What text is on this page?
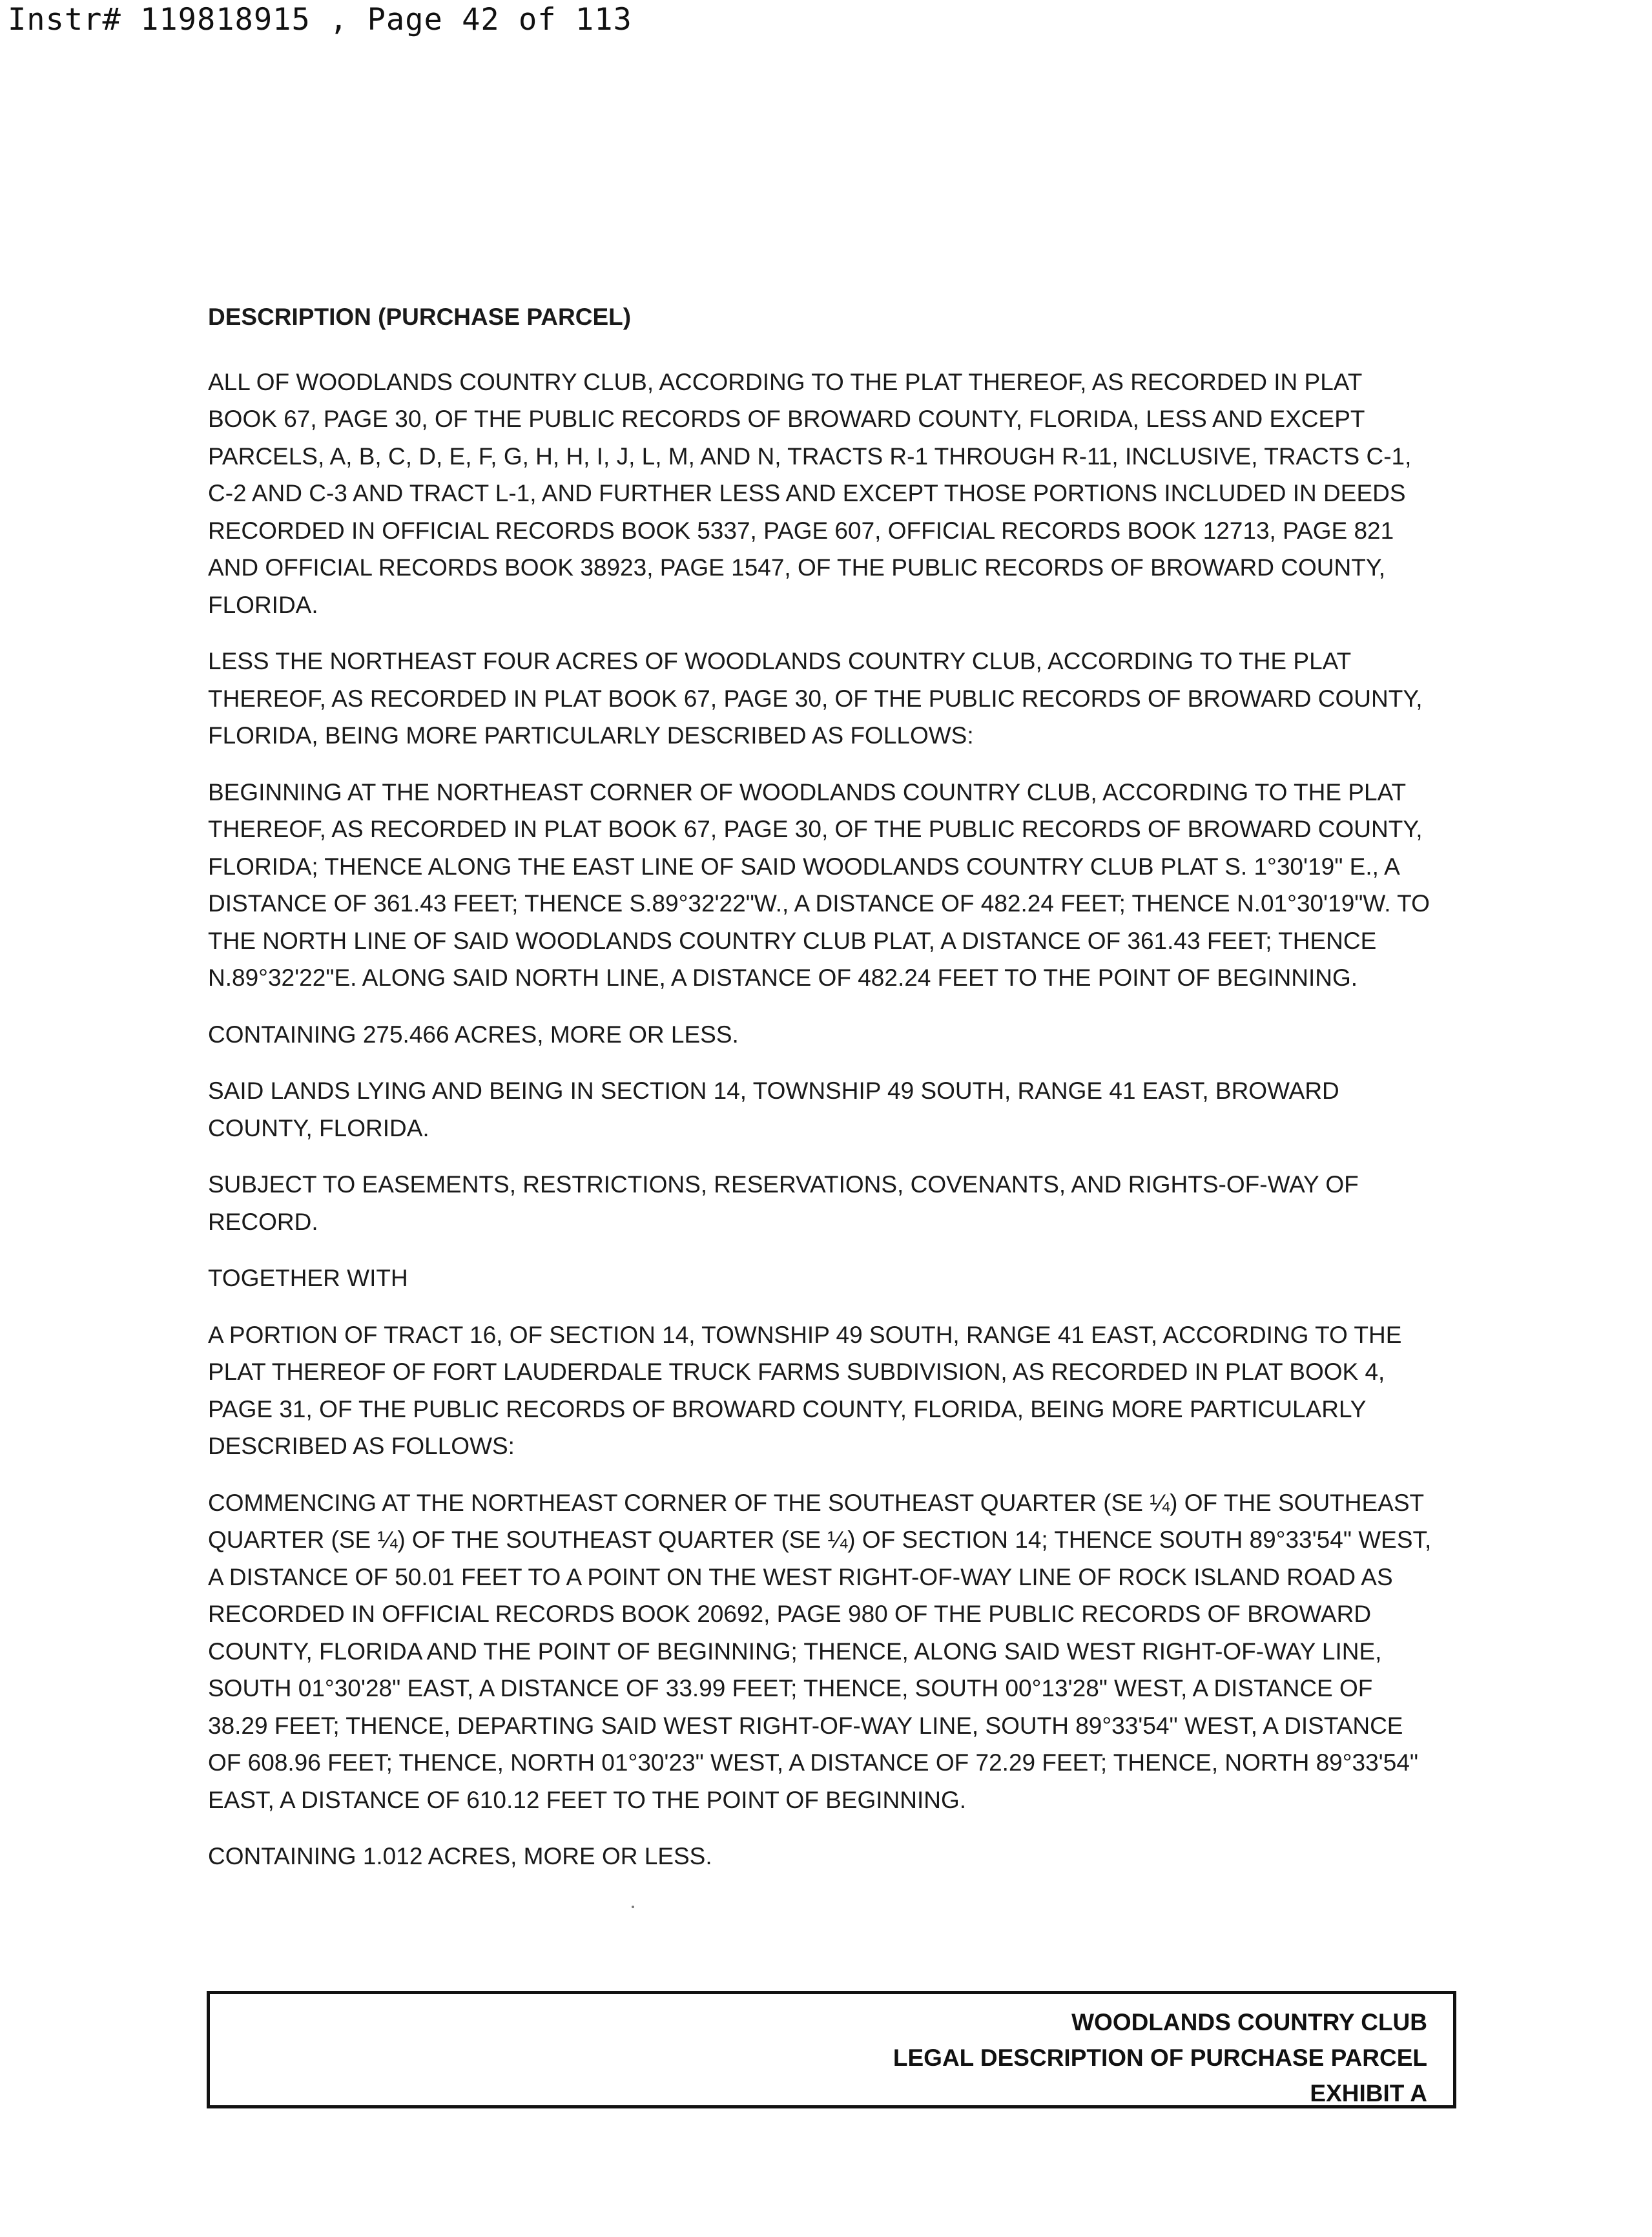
Instr# 119818915 , Page 42 of 113
DESCRIPTION (PURCHASE PARCEL)
ALL OF WOODLANDS COUNTRY CLUB, ACCORDING TO THE PLAT THEREOF, AS RECORDED IN PLAT BOOK 67, PAGE 30, OF THE PUBLIC RECORDS OF BROWARD COUNTY, FLORIDA, LESS AND EXCEPT PARCELS, A, B, C, D, E, F, G, H, H, I, J, L, M, AND N, TRACTS R-1 THROUGH R-11, INCLUSIVE, TRACTS C-1, C-2 AND C-3 AND TRACT L-1, AND FURTHER LESS AND EXCEPT THOSE PORTIONS INCLUDED IN DEEDS RECORDED IN OFFICIAL RECORDS BOOK 5337, PAGE 607, OFFICIAL RECORDS BOOK 12713, PAGE 821 AND OFFICIAL RECORDS BOOK 38923, PAGE 1547, OF THE PUBLIC RECORDS OF BROWARD COUNTY, FLORIDA.
LESS THE NORTHEAST FOUR ACRES OF WOODLANDS COUNTRY CLUB, ACCORDING TO THE PLAT THEREOF, AS RECORDED IN PLAT BOOK 67, PAGE 30, OF THE PUBLIC RECORDS OF BROWARD COUNTY, FLORIDA, BEING MORE PARTICULARLY DESCRIBED AS FOLLOWS:
BEGINNING AT THE NORTHEAST CORNER OF WOODLANDS COUNTRY CLUB, ACCORDING TO THE PLAT THEREOF, AS RECORDED IN PLAT BOOK 67, PAGE 30, OF THE PUBLIC RECORDS OF BROWARD COUNTY, FLORIDA; THENCE ALONG THE EAST LINE OF SAID WOODLANDS COUNTRY CLUB PLAT S. 1°30'19" E., A DISTANCE OF 361.43 FEET; THENCE S.89°32'22"W., A DISTANCE OF 482.24 FEET; THENCE N.01°30'19"W. TO THE NORTH LINE OF SAID WOODLANDS COUNTRY CLUB PLAT, A DISTANCE OF 361.43 FEET; THENCE N.89°32'22"E. ALONG SAID NORTH LINE, A DISTANCE OF 482.24 FEET TO THE POINT OF BEGINNING.
CONTAINING 275.466 ACRES, MORE OR LESS.
SAID LANDS LYING AND BEING IN SECTION 14, TOWNSHIP 49 SOUTH, RANGE 41 EAST, BROWARD COUNTY, FLORIDA.
SUBJECT TO EASEMENTS, RESTRICTIONS, RESERVATIONS, COVENANTS, AND RIGHTS-OF-WAY OF RECORD.
TOGETHER WITH
A PORTION OF TRACT 16, OF SECTION 14, TOWNSHIP 49 SOUTH, RANGE 41 EAST, ACCORDING TO THE PLAT THEREOF OF FORT LAUDERDALE TRUCK FARMS SUBDIVISION, AS RECORDED IN PLAT BOOK 4, PAGE 31, OF THE PUBLIC RECORDS OF BROWARD COUNTY, FLORIDA, BEING MORE PARTICULARLY DESCRIBED AS FOLLOWS:
COMMENCING AT THE NORTHEAST CORNER OF THE SOUTHEAST QUARTER (SE ¼) OF THE SOUTHEAST QUARTER (SE ¼) OF THE SOUTHEAST QUARTER (SE ¼) OF SECTION 14; THENCE SOUTH 89°33'54" WEST, A DISTANCE OF 50.01 FEET TO A POINT ON THE WEST RIGHT-OF-WAY LINE OF ROCK ISLAND ROAD AS RECORDED IN OFFICIAL RECORDS BOOK 20692, PAGE 980 OF THE PUBLIC RECORDS OF BROWARD COUNTY, FLORIDA AND THE POINT OF BEGINNING; THENCE, ALONG SAID WEST RIGHT-OF-WAY LINE, SOUTH 01°30'28" EAST, A DISTANCE OF 33.99 FEET; THENCE, SOUTH 00°13'28" WEST, A DISTANCE OF 38.29 FEET; THENCE, DEPARTING SAID WEST RIGHT-OF-WAY LINE, SOUTH 89°33'54" WEST, A DISTANCE OF 608.96 FEET; THENCE, NORTH 01°30'23" WEST, A DISTANCE OF 72.29 FEET; THENCE, NORTH 89°33'54" EAST, A DISTANCE OF 610.12 FEET TO THE POINT OF BEGINNING.
CONTAINING 1.012 ACRES, MORE OR LESS.
WOODLANDS COUNTRY CLUB
LEGAL DESCRIPTION OF PURCHASE PARCEL
EXHIBIT A
